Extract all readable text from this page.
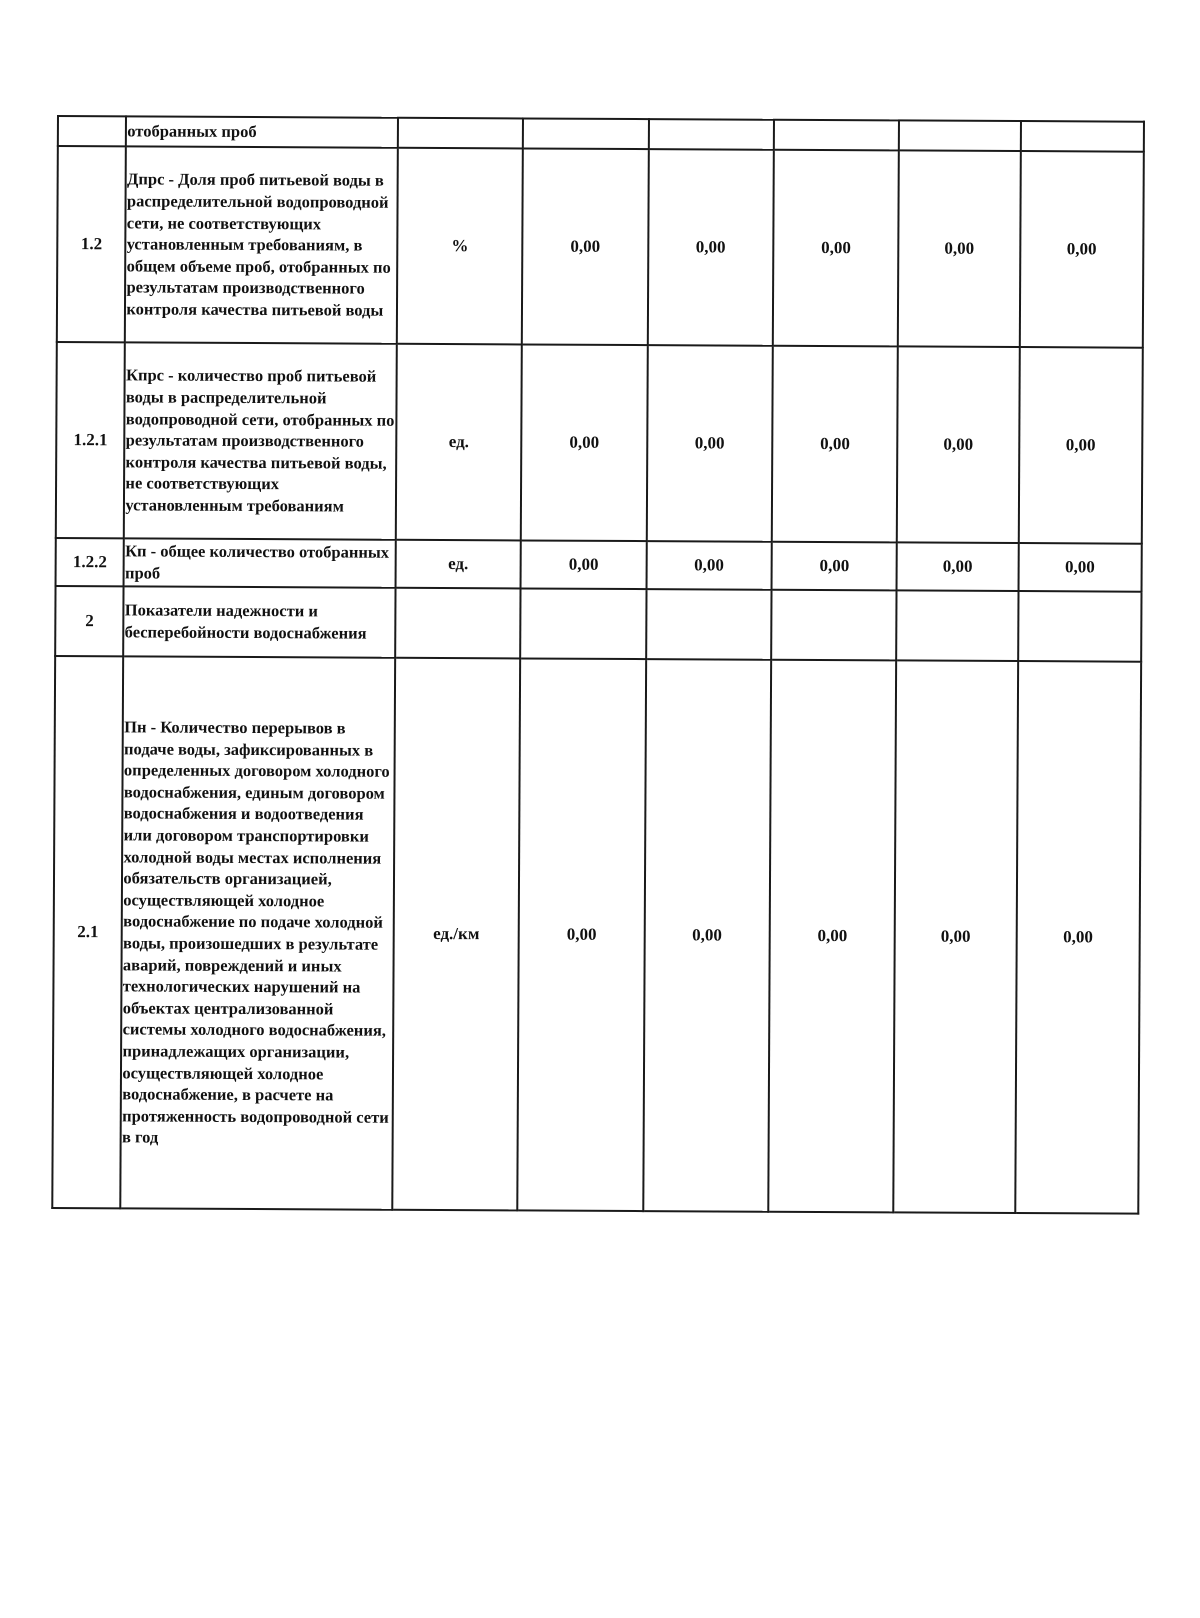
	отобранных проб						
1.2	Дпрс - Доля проб питьевой воды в распределительной водопроводной сети, не соответствующих установленным требованиям, в общем объеме проб, отобранных по результатам производственного контроля качества питьевой воды	%	0,00	0,00	0,00	0,00	0,00
1.2.1	Кпрс - количество проб питьевой воды в распределительной водопроводной сети, отобранных по результатам производственного контроля качества питьевой воды, не соответствующих установленным требованиям	ед.	0,00	0,00	0,00	0,00	0,00
1.2.2	Кп - общее количество отобранных проб	ед.	0,00	0,00	0,00	0,00	0,00
2	Показатели надежности и бесперебойности водоснабжения						
2.1	Пн - Количество перерывов в подаче воды, зафиксированных в определенных договором холодного водоснабжения, единым договором водоснабжения и водоотведения или договором транспортировки холодной воды местах исполнения обязательств организацией, осуществляющей холодное водоснабжение по подаче холодной воды, произошедших в результате аварий, повреждений и иных технологических нарушений на объектах централизованной системы холодного водоснабжения, принадлежащих организации, осуществляющей холодное водоснабжение, в расчете на протяженность водопроводной сети в год	ед./км	0,00	0,00	0,00	0,00	0,00
